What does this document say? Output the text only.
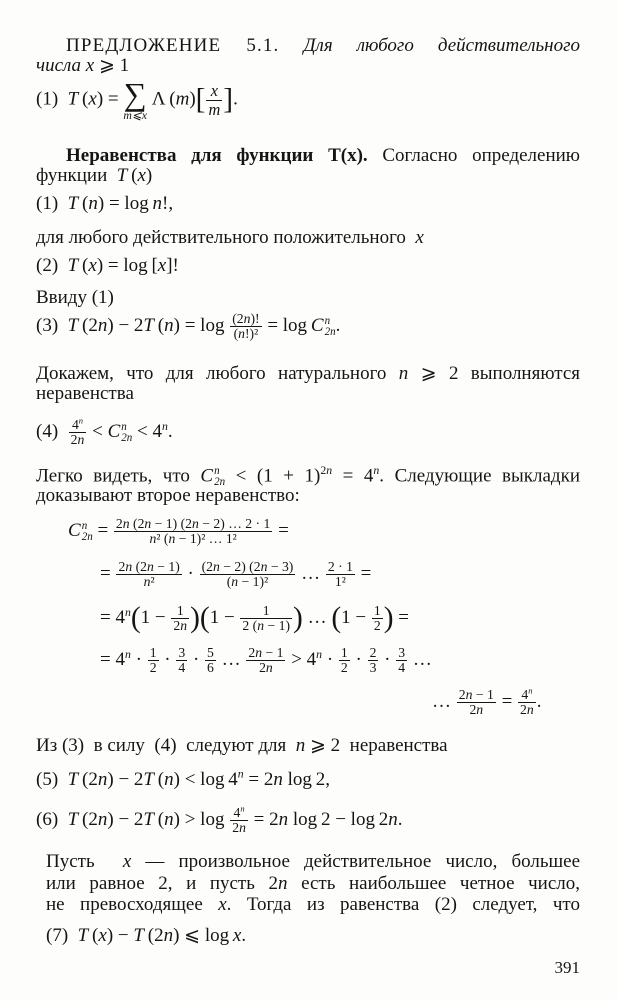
ПРЕДЛОЖЕНИЕ 5.1. Для любого действительного
числа x ⩾ 1
(1)  T (x) = ∑
m⩽x
Λ $(m)[ \frac{x}{m}$ ].
Неравенства для функции T(x). Согласно определению
функции  T (x)
(1)  T (n) = log n!,
для любого действительного положительного  x
(2)  T (x) = log [x]!
Ввиду (1)
(3)  T (2n) − 2T $(n) = \log \frac{(2n)!}{\text{(n!)²}} = \log C$ n
2n .
Докажем, что для любого натурального n ⩾ 2 выполняются
неравенства
$(4) \frac{4^n}{2n} < C$ n
$2n < 4^n$.
Легко видеть, что C n
$2n < (1 + 1)^{2n} = 4^n$. Следующие выкладки
доказывают второе неравенство:
C n
$2n = \frac{2n (2n - 1) (2n - 2) \dots 2 \cdot 1}{\text{n² (n − 1)² … 1²}}$ =
= $\frac{2n (2n - 1)}{\text{n²}} \cdot \frac{(2n - 2) (2n - 3)}{\text{(n − 1)²}}$ … $\frac{2 \cdot 1}{\text{1²}}$ =
= $4^n(1 - \frac{1}{2n} )(1 - \frac{1}{2 (n - 1)}$ ) … ($1 - \frac{1}{2}$ ) =
= $4^n \cdot \frac{1}{2} \cdot \frac{3}{4} \cdot \frac{5}{6}$ … $\frac{2n - 1}{2n} > 4^n \cdot \frac{1}{2} \cdot \frac{2}{3} \cdot \frac{3}{4}$ …
… $\frac{2n - 1}{2n} = \frac{4^n}{2n}$ .
Из (3)  в силу  (4)  следуют для  n ⩾ 2  неравенства
(5)  T (2n) − 2T $(n) < \log 4^n = 2n$ log 2,
(6)  T (2n) − 2T $(n) > \log \frac{4^n}{2n} = 2n$ log 2 − log 2n.
Пусть  x — произвольное действительное число, большее
или равное 2, и пусть 2n есть наибольшее четное число,
не превосходящее x. Тогда из равенства (2) следует, что
(7)  T (x) − T (2n) ⩽ log x.
391
